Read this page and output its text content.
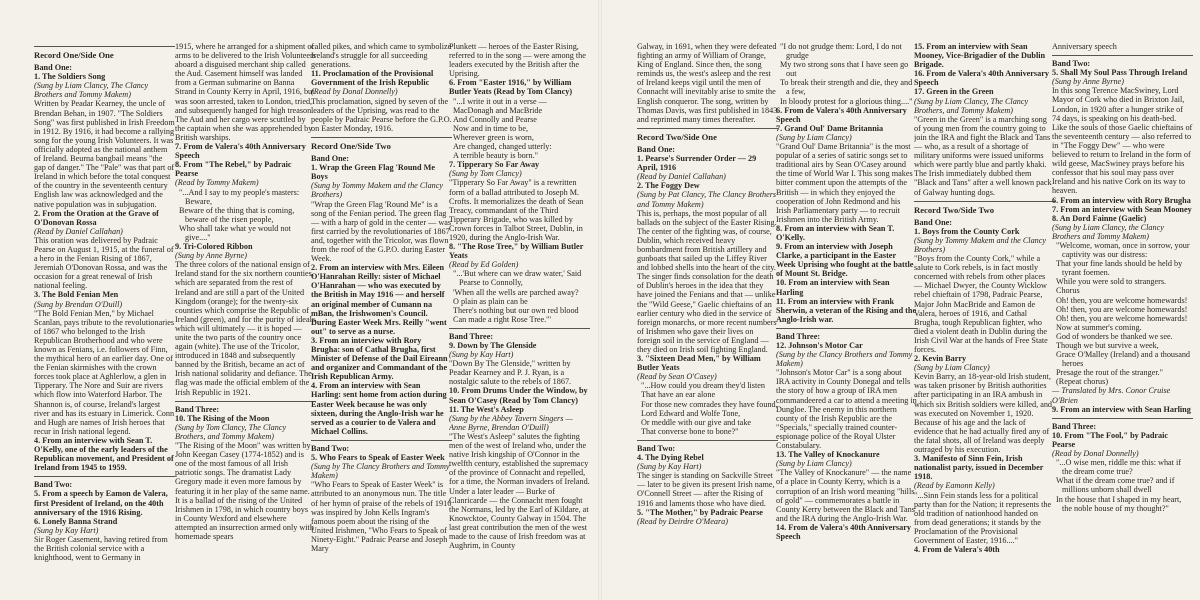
Record One/Side One

Band One:

1. The Soldiers Song

(Sung by Liam Clancy, The Clancy Brothers and Tommy Makem)

Written by Peadar Kearney, the uncle of Brendan Behan, in 1907. "The Soldiers Song" was first published in Irish Freedom in 1912. By 1916, it had become a rallying song for the young Irish Volunteers. It was officially adopted as the national anthem of Ireland. Beurna bangbail means "the gap of danger." The "Pale" was that part of Ireland in which before the total conquest of the country in the seventeenth century English law was acknowledged and the native population was in subjugation.

2. From the Oration at the Grave of O'Donovan Rossa

(Read by Daniel Callahan)

This oration was delivered by Padraic Pearse on August 1, 1915, at the funeral of a hero in the Fenian Rising of 1867, Jeremiah O'Donovan Rossa, and was the occasion for a great renewal of Irish national feeling.

3. The Bold Fenian Men

(Sung by Brendan O'Duill)

"The Bold Fenian Men," by Michael Scanlan, pays tribute to the revolutionaries of 1867 who belonged to the Irish Republican Brotherhood and who were known as Fenians, i.e. followers of Finn, the mythical hero of an earlier day. One of the Fenian skirmishes with the crown forces took place at Aghlerlow, a glen in Tipperary. The Nore and Suir are rivers which flow into Waterford Harbor. The Shannon is, of course, Ireland's largest river and has its estuary in Limerick. Conn and Hugh are names of Irish heroes that recur in Irish national legend.

4. From an interview with Sean T. O'Kelly, one of the early leaders of the Republican movement, and President of Ireland from 1945 to 1959.

Band Two:

5. From a speech by Eamon de Valera, first President of Ireland, on the 40th anniversary of the 1916 Rising.

6. Lonely Banna Strand

(Sung by Kay Hart)

Sir Roger Casement, having retired from the British colonial service with a knighthood, went to Germany in

1915, where he arranged for a shipment of arms to be delivered to the Irish Volunteers aboard a disguised merchant ship called the Aud. Casement himself was landed from a German submarine on Banna Strand in County Kerry in April, 1916, but was soon arrested, taken to London, tried, and subsequently hanged for high treason. The Aud and her cargo were scuttled by the captain when she was apprehended by British warships.

7. From de Valera's 40th Anniversary Speech

8. From "The Rebel," by Padraic Pearse

(Read by Tommy Makem)

"...And I say to my people's masters: Beware,

Beware of the thing that is coming, beware of the risen people,

Who shall take what ye would not give...."

9. Tri-Colored Ribbon

(Sung by Anne Byrne)

The three colors of the national ensign of Ireland stand for the six northern counties, which are separated from the rest of Ireland and are still a part of the United Kingdom (orange); for the twenty-six counties which comprise the Republic of Ireland (green), and for the purity of ideals which will ultimately — it is hoped — unite the two parts of the country once again (white). The use of the Tricolor, introduced in 1848 and subsequently banned by the British, became an act of Irish national solidarity and defiance. The flag was made the official emblem of the Irish Republic in 1921.

Band Three:

10. The Rising of the Moon

(Sung by Tom Clancy, The Clancy Brothers, and Tommy Makem)

"The Rising of the Moon" was written by John Keegan Casey (1774-1852) and is one of the most famous of all Irish patriotic songs. The dramatist Lady Gregory made it even more famous by featuring it in her play of the same name. It is a ballad of the rising of the United Irishmen in 1798, in which country boys in County Wexford and elsewhere attempted an insurrection armed only with homemade spears

called pikes, and which came to symbolize Ireland's struggle for all succeeding generations.

11. Proclamation of the Provisional Government of the Irish Republic

(Read by Donal Donnelly)

This proclamation, signed by seven of the leaders of the Uprising, was read to the people by Padraic Pearse before the G.P.O. on Easter Monday, 1916.

Record One/Side Two

Band One:

1. Wrap the Green Flag 'Round Me Boys

(Sung by Tommy Makem and the Clancy Brothers)

"Wrap the Green Flag 'Round Me" is a song of the Fenian period. The green flag — with a harp of gold in the center — was first carried by the revolutionaries of 1867 and, together with the Tricolor, was flown from the roof of the G.P.O. during Easter Week.

2. From an interview with Mrs. Eileen O'Hanrahan Reilly: sister of Michael O'Hanrahan — who was executed by the British in May 1916 — and herself an original member of Cumann na mBan, the Irishwomen's Council. During Easter Week Mrs. Reilly "went out" to serve as a nurse.

3. From an interview with Rory Brugha: son of Cathal Brugha, first Minister of Defense of the Dail Eireann and organizer and Commandant of the Irish Republican Army.

4. From an interview with Sean Harling: sent home from action during Easter Week because he was only sixteen, during the Anglo-Irish war he served as a courier to de Valera and Michael Collins.

Band Two:

5. Who Fears to Speak of Easter Week

(Sung by The Clancy Brothers and Tommy Makem)

"Who Fears to Speak of Easter Week" is attributed to an anonymous nun. The title of her hymn of praise of the rebels of 1916 was inspired by John Kells Ingram's famous poem about the rising of the United Irishmen, "Who Fears to Speak of Ninety-Eight." Padraic Pearse and Joseph Mary

Plunkett — heroes of the Easter Rising, referred to in the song — were among the leaders executed by the British after the Uprising.

6. From "Easter 1916," by William Butler Yeats (Read by Tom Clancy)

"...I write it out in a verse —

MacDonagh and MacBride

And Connolly and Pearse

Now and in time to be,

Wherever green is worn,

Are changed, changed utterly:

A terrible beauty is born."

7. Tipperary So Far Away

(Sung by Tom Clancy)

"Tipperary So Far Away" is a rewritten form of a ballad attributed to Joseph M. Crofts. It memorializes the death of Sean Treacy, commandant of the Third Tipperary Brigade, who was killed by Crown forces in Talbot Street, Dublin, in 1920, during the Anglo-Irish War.

8. "The Rose Tree," by William Butler Yeats

(Read by Ed Golden)

"...'But where can we draw water,' Said Pearse to Connolly,

'When all the wells are parched away?

O plain as plain can be

There's nothing but our own red blood

Can made a right Rose Tree.'"

Band Three:

9. Down by The Glenside

(Sung by Kay Hart)

"Down By The Glenside," written by Peadar Kearney and P. J. Ryan, is a nostalgic salute to the rebels of 1867.

10. From Drums Under the Window, by Sean O'Casey (Read by Tom Clancy)

11. The West's Asleep

(Sung by the Abbey Tavern Singers — Anne Byrne, Brendan O'Duill)

"The West's Asleep" salutes the fighting men of the west of Ireland who, under the native Irish kingship of O'Connor in the twelfth century, established the supremacy of the province of Connacht and repelled, for a time, the Norman invaders of Ireland. Under a later leader — Burke of Clanricarde — the Connacht men fought the Normans, led by the Earl of Kildare, at Knowcktoe, County Galway in 1504. The last great contribution the men of the west made to the cause of Irish freedom was at Aughrim, in County

Galway, in 1691, when they were defeated fighting an army of William of Orange, King of England. Since then, the song reminds us, the west's asleep and the rest of Ireland keeps vigil until the men of Connacht will inevitably arise to smite the English conqueror. The song, written by Thomas Davis, was first published in 1843 and reprinted many times thereafter.

Record Two/Side One

Band One:

1. Pearse's Surrender Order — 29 April, 1916

(Read by Daniel Callahan)

2. The Foggy Dew

(Sung by Pat Clancy, The Clancy Brothers and Tommy Makem)

This is, perhaps, the most popular of all ballads on the subject of the Easter Rising. The center of the fighting was, of course, Dublin, which received heavy bombardment from British artillery and gunboats that sailed up the Liffey River and lobbed shells into the heart of the city. The singer finds consolation for the death of Dublin's heroes in the idea that they have joined the Fenians and that — unlike the "Wild Geese," Gaelic chieftains of an earlier century who died in the service of foreign monarchs, or more recent numbers of Irishmen who gave their lives on foreign soil in the service of England — they died on Irish soil fighting England.

3. "Sixteen Dead Men," by William Butler Yeats

(Read by Sean O'Casey)

"...How could you dream they'd listen

That have an ear alone

For those new comrades they have found,

Lord Edward and Wolfe Tone,

Or meddle with our give and take

That converse bone to bone?"

Band Two:

4. The Dying Rebel

(Sung by Kay Hart)

The singer is standing on Sackville Street — later to be given its present Irish name, O'Connell Street — after the Rising of 1916 and laments those who have died.

5. "The Mother," by Padraic Pearse

(Read by Deirdre O'Meara)

"I do not grudge them: Lord, I do not grudge

My two strong sons that I have seen go out

To break their strength and die, they and a few,

In bloody protest for a glorious thing...."

6. From de Valera's 40th Anniversary Speech

7. Grand Oul' Dame Britannia

(Sung by Liam Clancy)

"Grand Oul' Dame Britannia" is the most popular of a series of satiric songs set to traditional airs by Sean O'Casey around the time of World War I. This song makes bitter comment upon the attempts of the British — in which they enjoyed the cooperation of John Redmond and his Irish Parliamentary party — to recruit Irishmen into the British Army.

8. From an interview with Sean T. O'Kelly.

9. From an interview with Joseph Clarke, a participant in the Easter Week Uprising who fought at the battle of Mount St. Bridge.

10. From an interview with Sean Harling

11. From an interview with Frank Sherwin, a veteran of the Rising and the Anglo-Irish war.

Band Three:

12. Johnson's Motor Car

(Sung by the Clancy Brothers and Tommy Makem)

"Johnson's Motor Car" is a song about IRA activity in County Donegal and tells the story of how a group of IRA men commandeered a car to attend a meeting in Dungloe. The enemy in this northern county of the Irish Republic are the "Specials," specially trained counter-espionage police of the Royal Ulster Constabulary.

13. The Valley of Knockanure

(Sung by Liam Clancy)

"The Valley of Knockanure" — the name of a place in County Kerry, which is a corruption of an Irish word meaning "hills of gold" — commemorates a battle in County Kerry between the Black and Tans and the IRA during the Anglo-Irish War.

14. From de Valera's 40th Anniversary Speech

15. From an interview with Sean Mooney, Vice-Brigadier of the Dublin Brigade.

16. From de Valera's 40th Anniversary Speech

17. Green in the Green

(Sung by Liam Clancy, The Clancy Brothers, and Tommy Makem)

"Green in the Green" is a marching song of young men from the country going to join the IRA and fight the Black and Tans — who, as a result of a shortage of military uniforms were issued uniforms which were partly blue and partly khaki. The Irish immediately dubbed them "Black and Tans" after a well known pack of Galway hunting dogs.

Record Two/Side Two

Band One:

1. Boys from the County Cork

(Sung by Tommy Makem and the Clancy Brothers)

"Boys from the County Cork," while a salute to Cork rebels, is in fact mostly concerned with rebels from other places — Michael Dwyer, the County Wicklow rebel chieftain of 1798, Padraic Pearse, Major John MacBride and Eamon de Valera, heroes of 1916, and Cathal Brugha, tough Republican fighter, who died a violent death in Dublin during the Irish Civil War at the hands of Free State forces.

2. Kevin Barry

(Sung by Liam Clancy)

Kevin Barry, an 18-year-old Irish student, was taken prisoner by British authorities after participating in an IRA ambush in which six British soldiers were killed, and was executed on November 1, 1920. Because of his age and the lack of evidence that he had actually fired any of the fatal shots, all of Ireland was deeply outraged by his execution.

3. Manifesto of Sinn Fein, Irish nationalist party, issued in December 1918.

(Read by Eamonn Kelly)

"...Sinn Fein stands less for a political party than for the Nation; it represents the old tradition of nationhood handed on from dead generations; it stands by the Proclamation of the Provisional Government of Easter, 1916...."

4. From de Valera's 40th

Anniversary speech

Band Two:

5. Shall My Soul Pass Through Ireland

(Sung by Anne Byrne)

In this song Terence MacSwiney, Lord Mayor of Cork who died in Brixton Jail, London, in 1920 after a hunger strike of 74 days, is speaking on his death-bed. Like the souls of those Gaelic chieftains of the seventeenth century — also referred to in "The Foggy Dew" — who were believed to return to Ireland in the form of wild geese, MacSwiney prays before his confessor that his soul may pass over Ireland and his native Cork on its way to heaven.

6. From an interview with Rory Brugha

7. From an interview with Sean Mooney

8. An Dord Fainne (Gaelic)

(Sung by Liam Clancy, the Clancy Brothers and Tommy Makem)

"Welcome, woman, once in sorrow, your captivity was our distress:

That your fine lands should be held by tyrant foemen.

While you were sold to strangers.

Chorus

Oh! then, you are welcome homewards!

Oh! then, you are welcome homewards!

Oh! then, you are welcome homewards!

Now at summer's coming.

God of wonders be thanked we see.

Though we but survive a week,

Grace O'Malley (Ireland) and a thousand heroes

Presage the rout of the stranger."

(Repeat chorus)

— Translated by Mrs. Conor Cruise O'Brien

9. From an interview with Sean Harling

Band Three:

10. From "The Fool," by Padraic Pearse

(Read by Donal Donnelly)

"...O wise men, riddle me this: what if the dream come true?

What if the dream come true? and if millions unborn shall dwell

In the house that I shaped in my heart, the noble house of my thought?"
